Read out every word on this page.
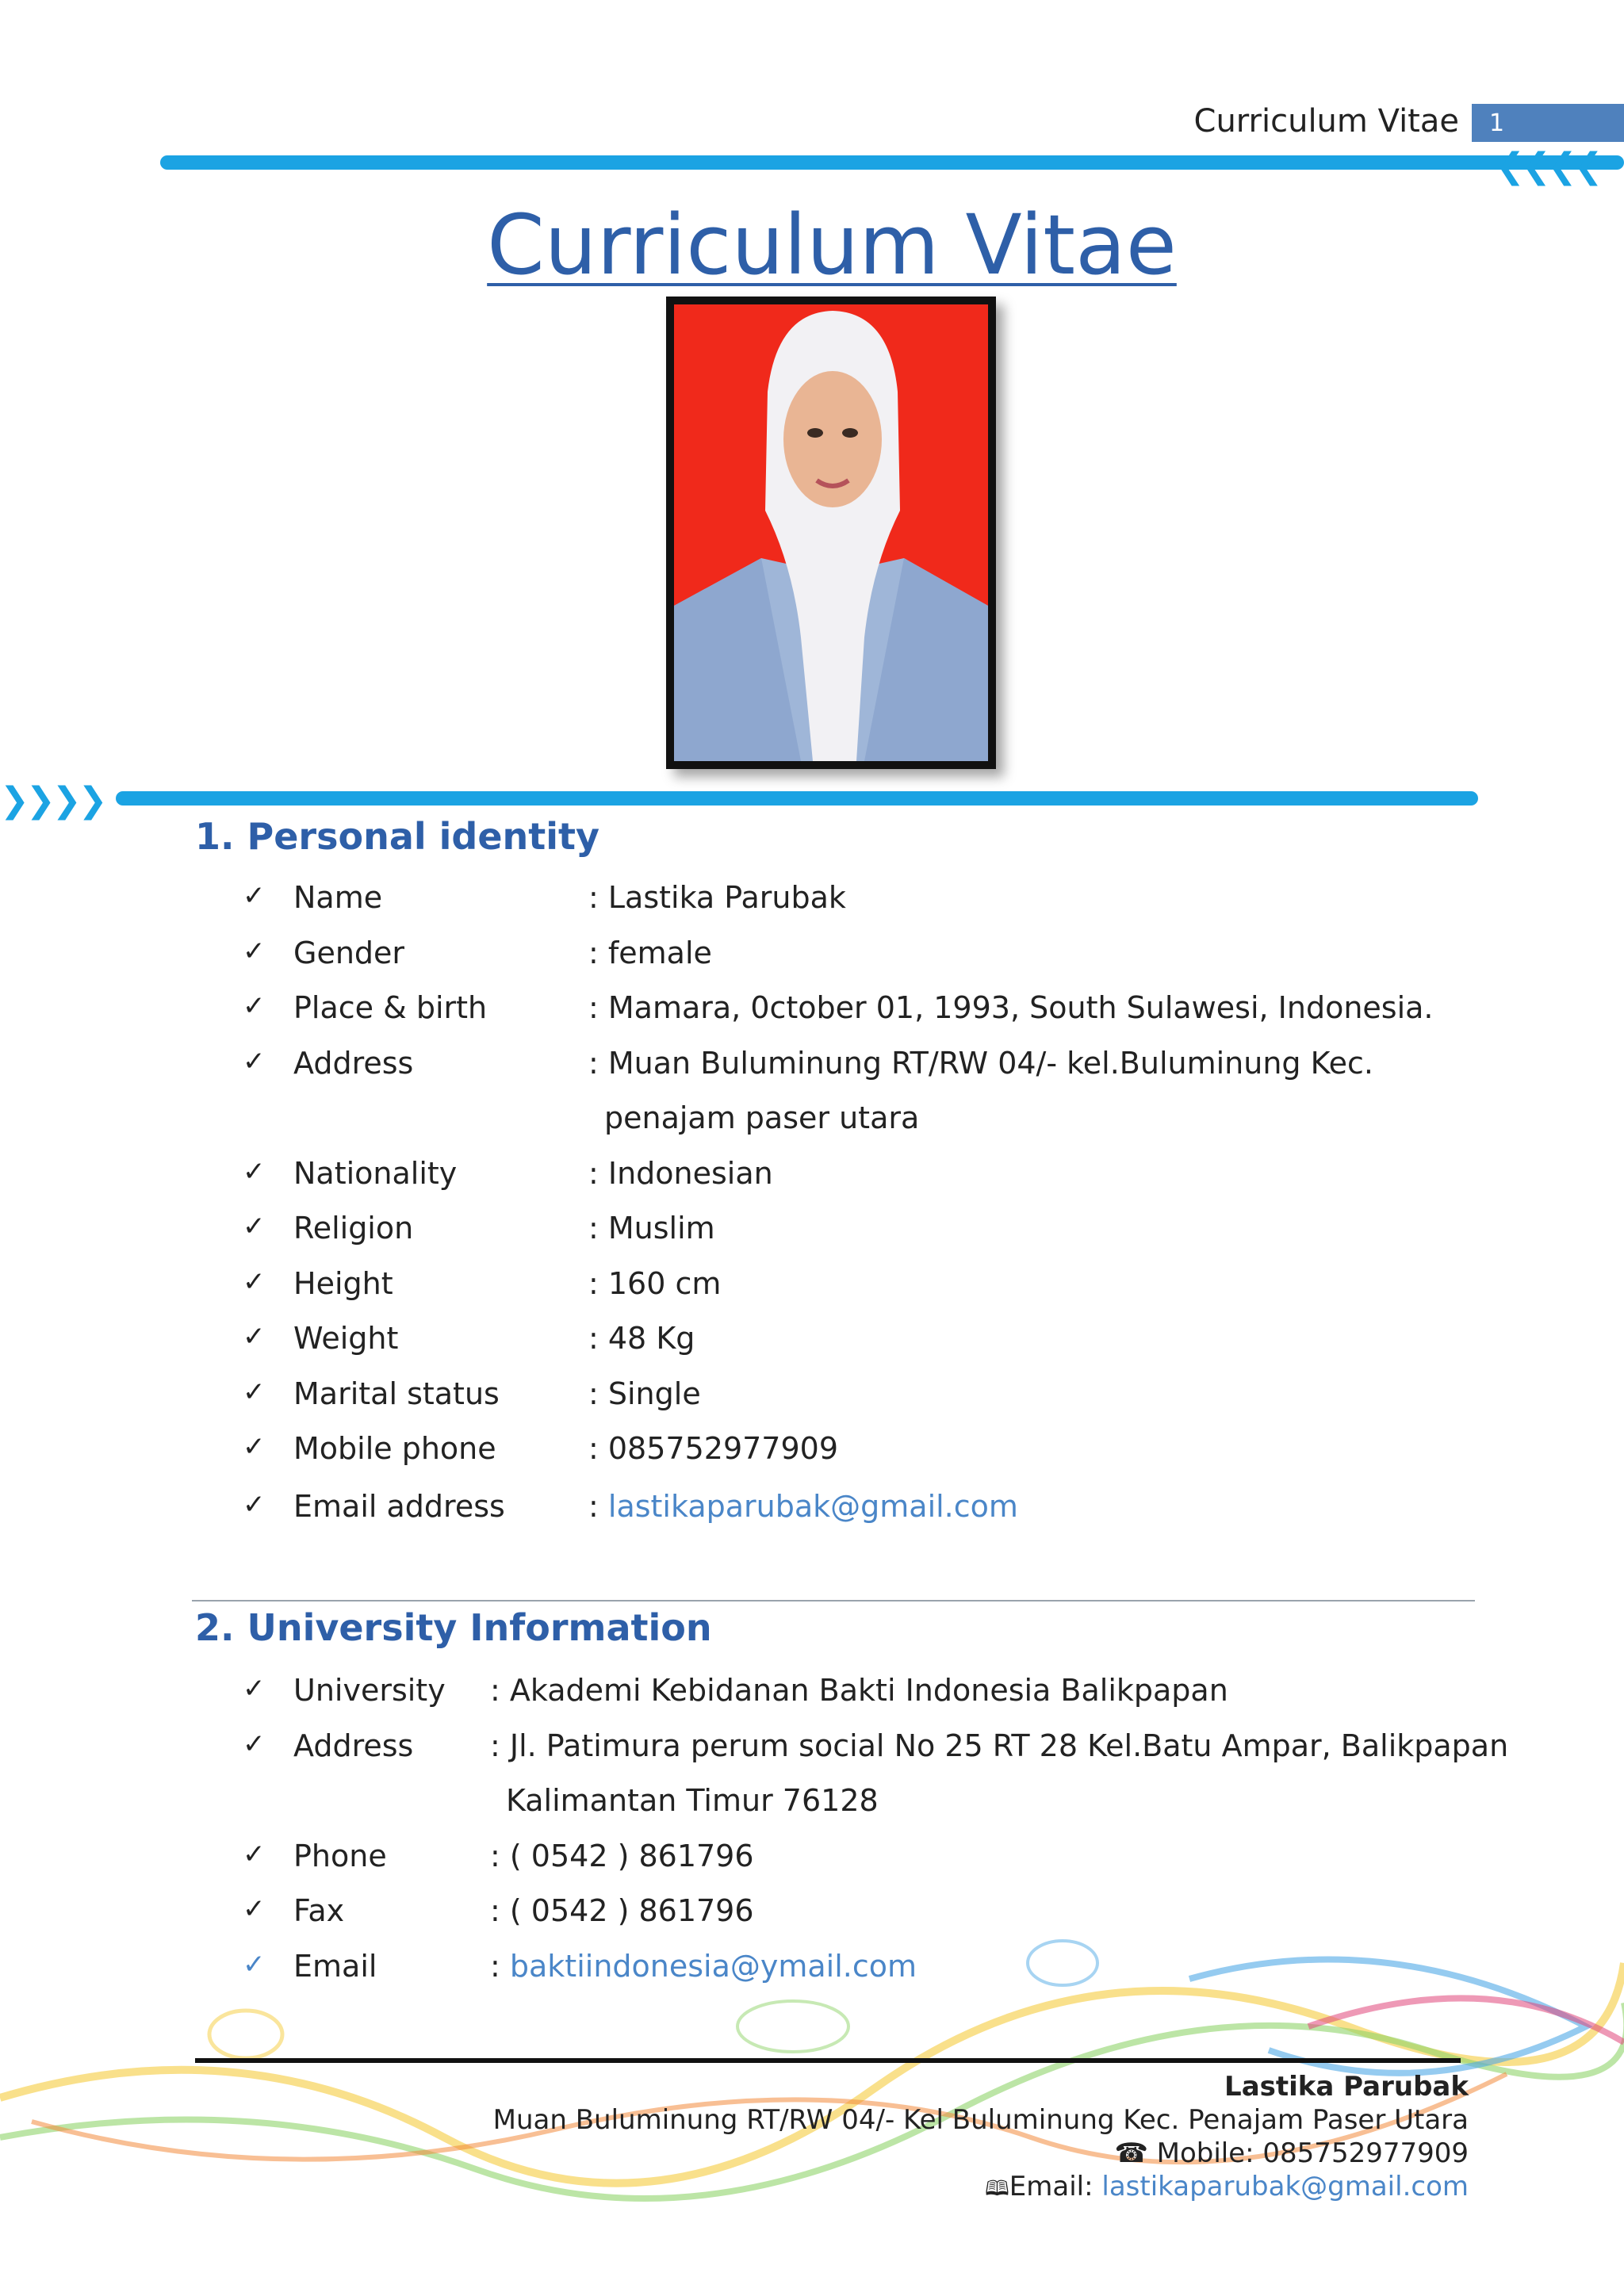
Curriculum Vitae 1
❮❮❮❮
Curriculum Vitae
❯❯❯❯
1. Personal identity
✓ Name	: Lastika Parubak
✓ Gender	: female
✓ Place & birth	: Mamara, 0ctober 01, 1993, South Sulawesi, Indonesia.
✓ Address	: Muan Buluminung RT/RW 04/- kel.Buluminung Kec.
penajam paser utara
✓ Nationality	: Indonesian
✓ Religion	: Muslim
✓ Height	: 160 cm
✓ Weight	: 48 Kg
✓ Marital status	: Single
✓ Mobile phone	: 085752977909
✓ Email address	: lastikaparubak@gmail.com
2. University Information
✓ University : Akademi Kebidanan Bakti Indonesia Balikpapan
✓ Address	: Jl. Patimura perum social No 25 RT 28 Kel.Batu Ampar, Balikpapan
Kalimantan Timur 76128
✓ Phone	: ( 0542 ) 861796
✓ Fax	: ( 0542 ) 861796
✓ Email	: baktiindonesia@ymail.com
Lastika Parubak
Muan Buluminung RT/RW 04/- Kel Buluminung Kec. Penajam Paser Utara
☎ Mobile: 085752977909
🕮Email: lastikaparubak@gmail.com
